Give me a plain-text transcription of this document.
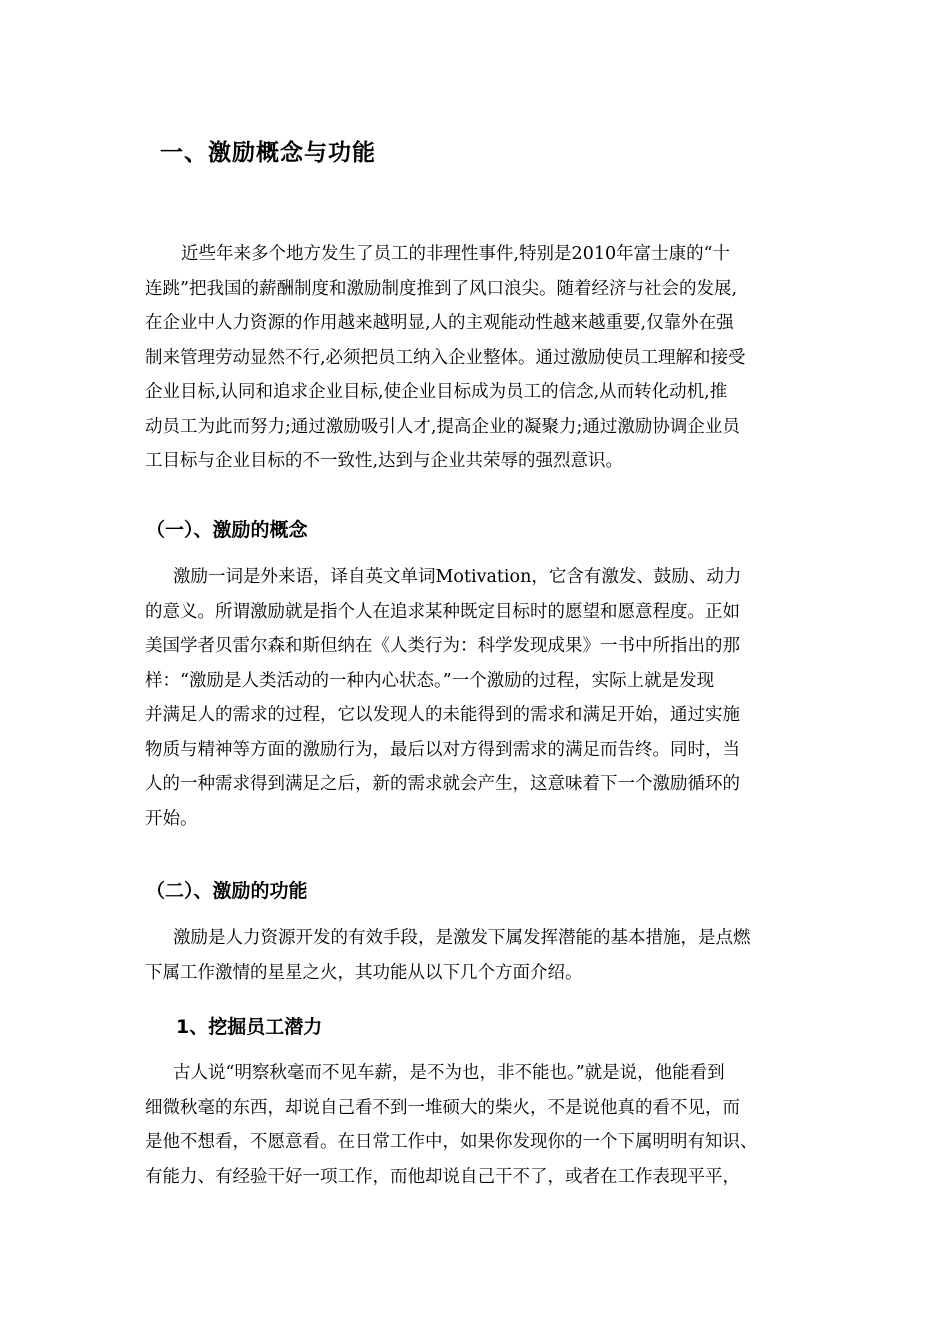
一、激励概念与功能
近些年来多个地方发生了员工的非理性事件,特别是2010年富士康的“十
连跳”把我国的薪酬制度和激励制度推到了风口浪尖。随着经济与社会的发展,
在企业中人力资源的作用越来越明显,人的主观能动性越来越重要,仅靠外在强
制来管理劳动显然不行,必须把员工纳入企业整体。通过激励使员工理解和接受
企业目标,认同和追求企业目标,使企业目标成为员工的信念,从而转化动机,推
动员工为此而努力;通过激励吸引人才,提高企业的凝聚力;通过激励协调企业员
工目标与企业目标的不一致性,达到与企业共荣辱的强烈意识。
（一）、激励的概念
激励一词是外来语，译自英文单词Motivation，它含有激发、鼓励、动力
的意义。所谓激励就是指个人在追求某种既定目标时的愿望和愿意程度。正如
美国学者贝雷尔森和斯但纳在《人类行为：科学发现成果》一书中所指出的那
样：“激励是人类活动的一种内心状态。”一个激励的过程，实际上就是发现
并满足人的需求的过程，它以发现人的未能得到的需求和满足开始，通过实施
物质与精神等方面的激励行为，最后以对方得到需求的满足而告终。同时，当
人的一种需求得到满足之后，新的需求就会产生，这意味着下一个激励循环的
开始。
（二）、激励的功能
激励是人力资源开发的有效手段，是激发下属发挥潜能的基本措施，是点燃
下属工作激情的星星之火，其功能从以下几个方面介绍。
1、挖掘员工潜力
古人说“明察秋毫而不见车薪，是不为也，非不能也。”就是说，他能看到
细微秋毫的东西，却说自己看不到一堆硕大的柴火，不是说他真的看不见，而
是他不想看，不愿意看。在日常工作中，如果你发现你的一个下属明明有知识、
有能力、有经验干好一项工作，而他却说自己干不了，或者在工作表现平平，
